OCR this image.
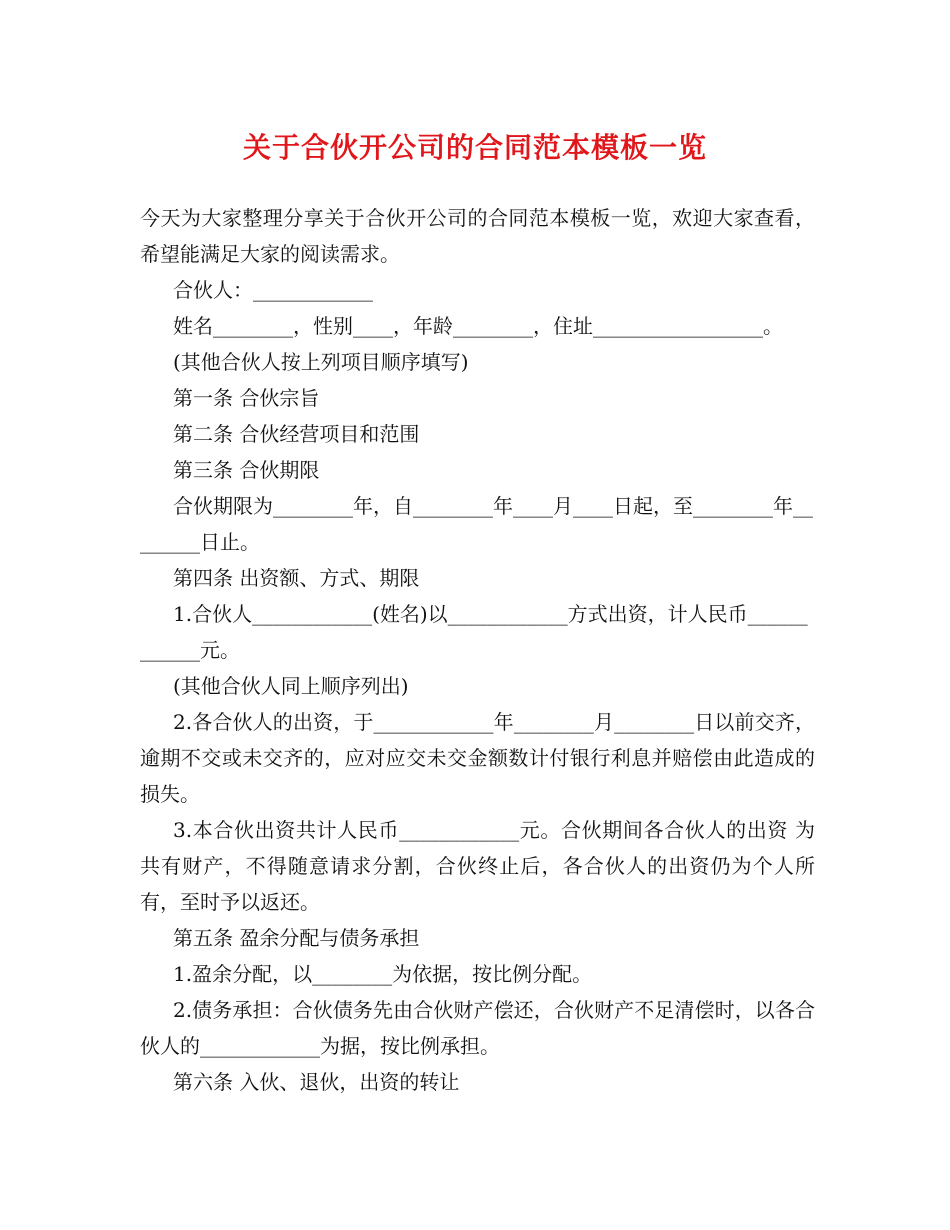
关于合伙开公司的合同范本模板一览

今天为大家整理分享关于合伙开公司的合同范本模板一览，欢迎大家查看，希望能满足大家的阅读需求。

合伙人：____________

姓名________，性别____，年龄________，住址_________________。

(其他合伙人按上列项目顺序填写)

第一条 合伙宗旨

第二条 合伙经营项目和范围

第三条 合伙期限

合伙期限为________年，自________年____月____日起，至________年________日止。

第四条 出资额、方式、期限

1.合伙人____________(姓名)以____________方式出资，计人民币____________元。

(其他合伙人同上顺序列出)

2.各合伙人的出资，于____________年________月________日以前交齐，逾期不交或未交齐的，应对应交未交金额数计付银行利息并赔偿由此造成的损失。

3.本合伙出资共计人民币____________元。合伙期间各合伙人的出资 为共有财产，不得随意请求分割，合伙终止后，各合伙人的出资仍为个人所有，至时予以返还。

第五条 盈余分配与债务承担

1.盈余分配，以________为依据，按比例分配。

2.债务承担：合伙债务先由合伙财产偿还，合伙财产不足清偿时，以各合伙人的____________为据，按比例承担。

第六条 入伙、退伙，出资的转让
